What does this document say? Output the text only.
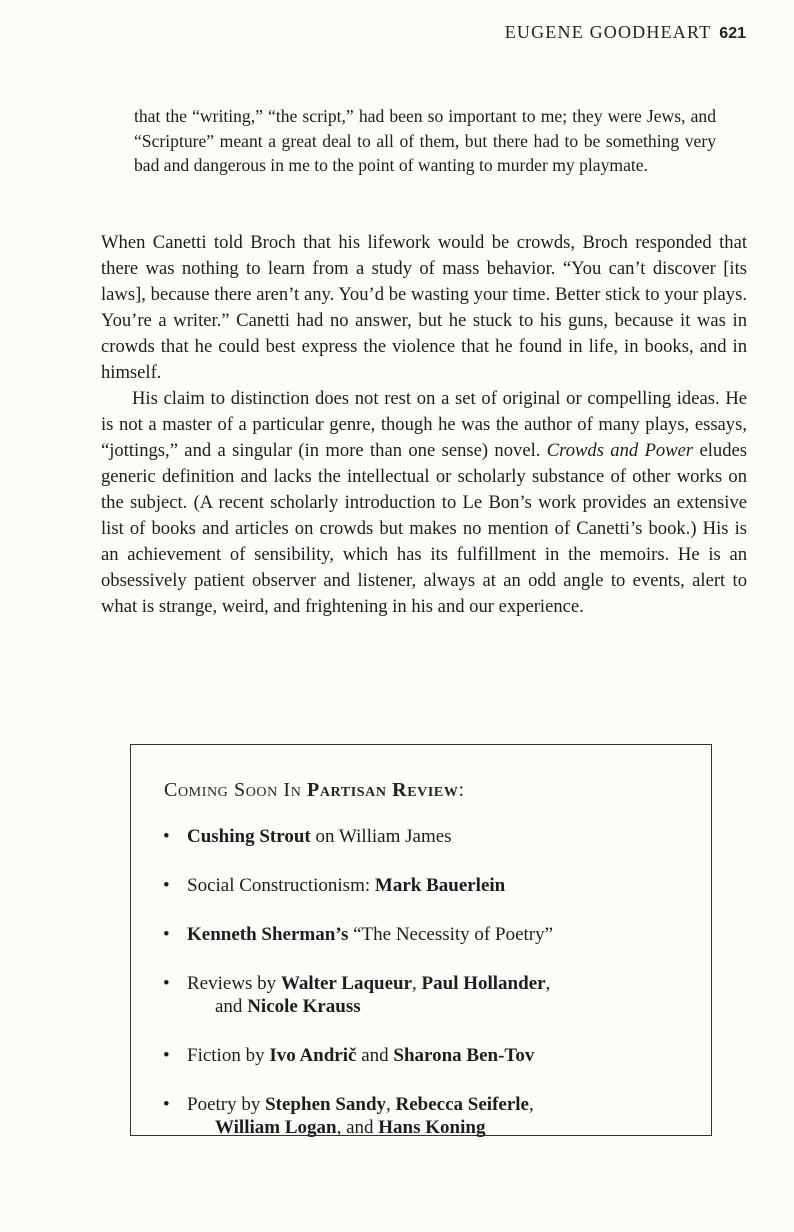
EUGENE GOODHEART 621

that the “writing,” “the script,” had been so important to me; they were Jews, and “Scripture” meant a great deal to all of them, but there had to be something very bad and dangerous in me to the point of wanting to murder my playmate.

When Canetti told Broch that his lifework would be crowds, Broch responded that there was nothing to learn from a study of mass behavior. “You can’t discover [its laws], because there aren’t any. You’d be wasting your time. Better stick to your plays. You’re a writer.” Canetti had no answer, but he stuck to his guns, because it was in crowds that he could best express the violence that he found in life, in books, and in himself.

His claim to distinction does not rest on a set of original or compelling ideas. He is not a master of a particular genre, though he was the author of many plays, essays, “jottings,” and a singular (in more than one sense) novel. Crowds and Power eludes generic definition and lacks the intellectual or scholarly substance of other works on the subject. (A recent scholarly introduction to Le Bon’s work provides an extensive list of books and articles on crowds but makes no mention of Canetti’s book.) His is an achievement of sensibility, which has its fulfillment in the memoirs. He is an obsessively patient observer and listener, always at an odd angle to events, alert to what is strange, weird, and frightening in his and our experience.

Coming Soon In Partisan Review:
• Cushing Strout on William James
• Social Constructionism: Mark Bauerlein
• Kenneth Sherman’s “The Necessity of Poetry”
• Reviews by Walter Laqueur, Paul Hollander,
and Nicole Krauss
• Fiction by Ivo Andrič and Sharona Ben-Tov
• Poetry by Stephen Sandy, Rebecca Seiferle,
William Logan, and Hans Koning
